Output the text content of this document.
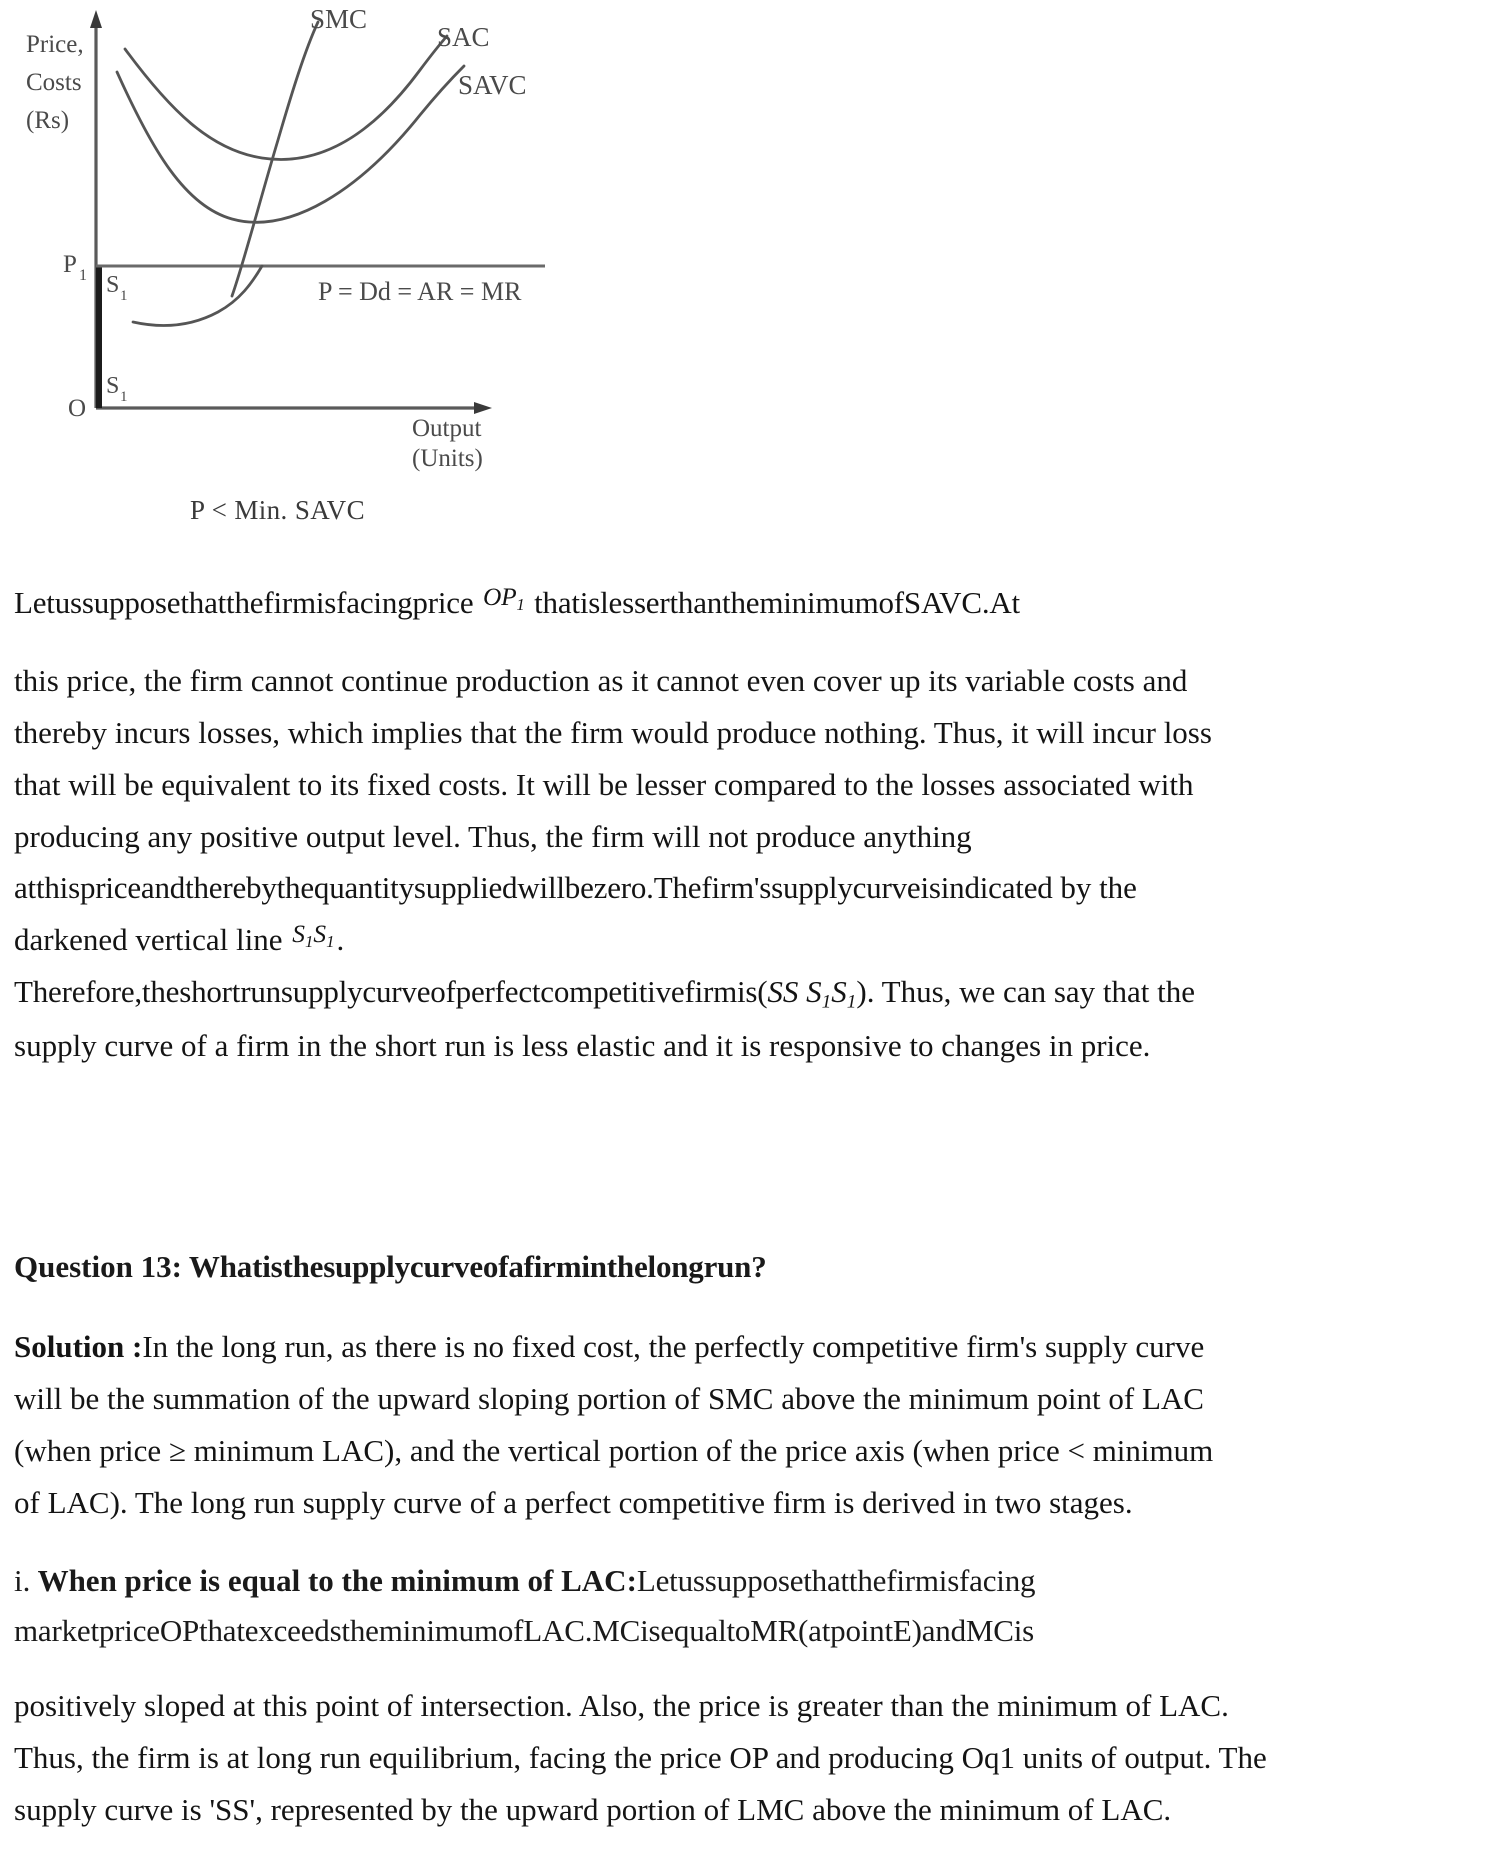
SMC
SAC
SAVC
P = Dd = AR = MR
Price,
Costs
(Rs)
Output
(Units)
O
P 1 S 1
S 1
P < Min. SAVC

Letussupposethatthefirmisfacingprice $^{OP_1}$ thatislesserthantheminimumofSAVC.At

this price, the firm cannot continue production as it cannot even cover up its variable costs and

thereby incurs losses, which implies that the firm would produce nothing. Thus, it will incur loss

that will be equivalent to its fixed costs. It will be lesser compared to the losses associated with

producing any positive output level. Thus, the firm will not produce anything

atthispriceandtherebythequantitysuppliedwillbezero.Thefirm'ssupplycurveisindicated by the

darkened vertical line $^{S_1S_1}$.

Therefore,theshortrunsupplycurveofperfectcompetitivefirmis(SS $S_1S_1$). Thus, we can say that the

supply curve of a firm in the short run is less elastic and it is responsive to changes in price.

Question 13: Whatisthesupplycurveofafirminthelongrun?

Solution :In the long run, as there is no fixed cost, the perfectly competitive firm's supply curve

will be the summation of the upward sloping portion of SMC above the minimum point of LAC

(when price ≥ minimum LAC), and the vertical portion of the price axis (when price < minimum

of LAC). The long run supply curve of a perfect competitive firm is derived in two stages.

i. When price is equal to the minimum of LAC:Letussupposethatthefirmisfacing

marketpriceOPthatexceedstheminimumofLAC.MCisequaltoMR(atpointE)andMCis

positively sloped at this point of intersection. Also, the price is greater than the minimum of LAC.

Thus, the firm is at long run equilibrium, facing the price OP and producing Oq1 units of output. The

supply curve is 'SS', represented by the upward portion of LMC above the minimum of LAC.
